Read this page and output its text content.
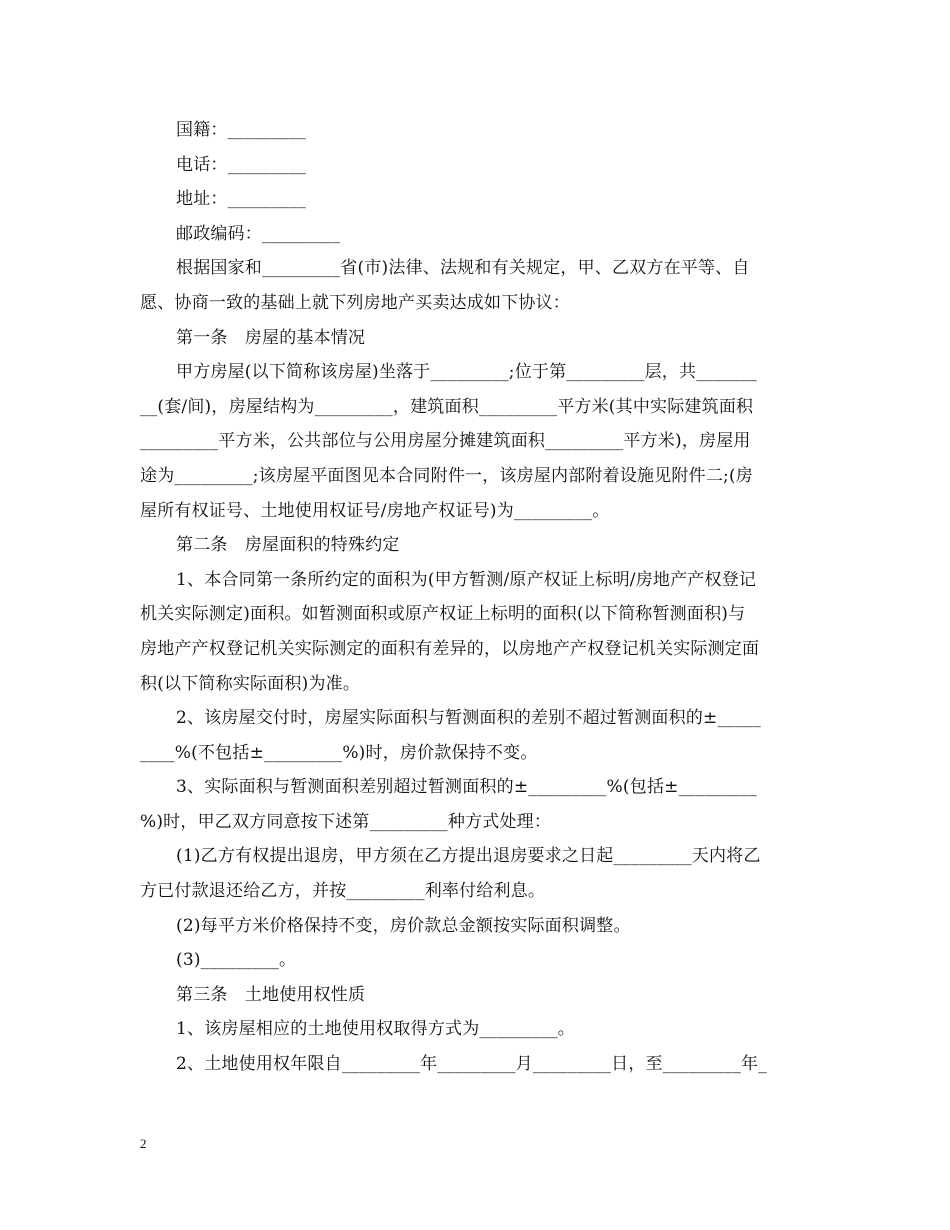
国籍：_________
电话：_________
地址：_________
邮政编码：_________
根据国家和_________省(市)法律、法规和有关规定，甲、乙双方在平等、自
愿、协商一致的基础上就下列房地产买卖达成如下协议：
第一条　房屋的基本情况
甲方房屋(以下简称该房屋)坐落于_________;位于第_________层，共_______
__(套/间)，房屋结构为_________，建筑面积_________平方米(其中实际建筑面积
_________平方米，公共部位与公用房屋分摊建筑面积_________平方米)，房屋用
途为_________;该房屋平面图见本合同附件一，该房屋内部附着设施见附件二;(房
屋所有权证号、土地使用权证号/房地产权证号)为_________。
第二条　房屋面积的特殊约定
1、本合同第一条所约定的面积为(甲方暂测/原产权证上标明/房地产产权登记
机关实际测定)面积。如暂测面积或原产权证上标明的面积(以下简称暂测面积)与
房地产产权登记机关实际测定的面积有差异的，以房地产产权登记机关实际测定面
积(以下简称实际面积)为准。
2、该房屋交付时，房屋实际面积与暂测面积的差别不超过暂测面积的±_____
____%(不包括±_________%)时，房价款保持不变。
3、实际面积与暂测面积差别超过暂测面积的±_________%(包括±_________
%)时，甲乙双方同意按下述第_________种方式处理：
(1)乙方有权提出退房，甲方须在乙方提出退房要求之日起_________天内将乙
方已付款退还给乙方，并按_________利率付给利息。
(2)每平方米价格保持不变，房价款总金额按实际面积调整。
(3)_________。
第三条　土地使用权性质
1、该房屋相应的土地使用权取得方式为_________。
2、土地使用权年限自_________年_________月_________日，至_________年_
2
